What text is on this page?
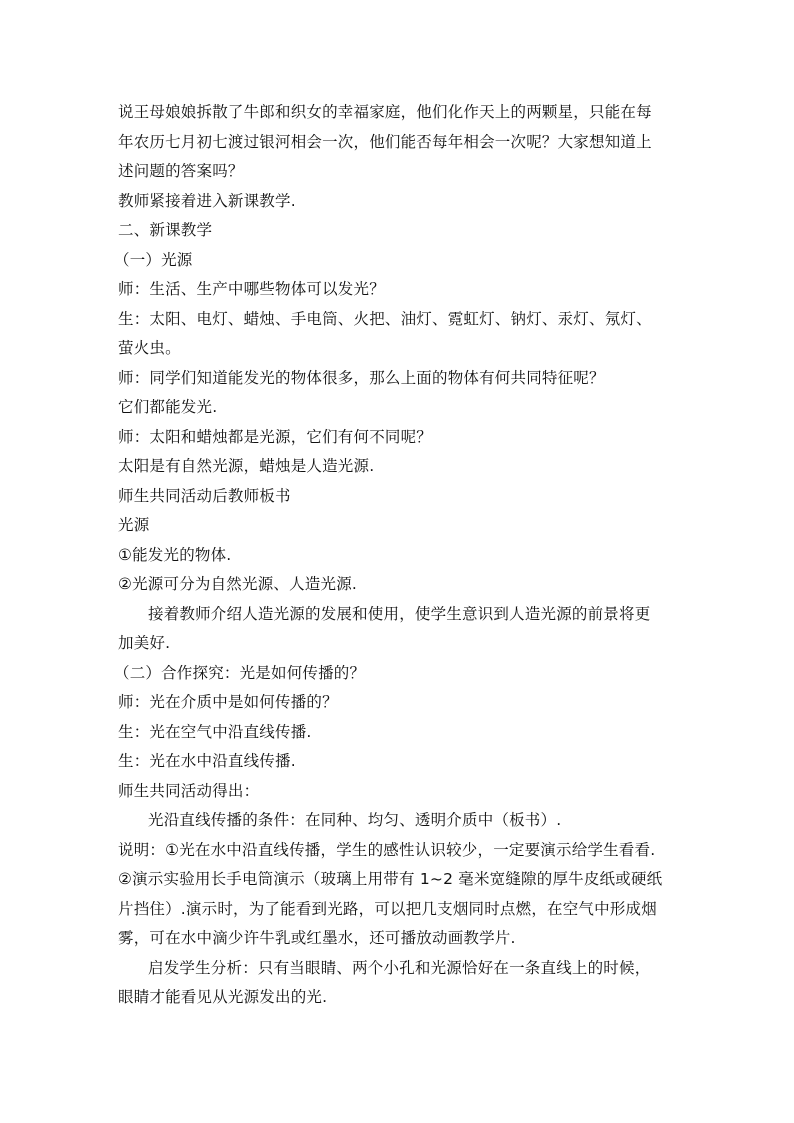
说王母娘娘拆散了牛郎和织女的幸福家庭，他们化作天上的两颗星，只能在每
年农历七月初七渡过银河相会一次，他们能否每年相会一次呢？大家想知道上
述问题的答案吗？
教师紧接着进入新课教学.
二、新课教学
（一）光源
师：生活、生产中哪些物体可以发光？
生：太阳、电灯、蜡烛、手电筒、火把、油灯、霓虹灯、钠灯、汞灯、氖灯、
萤火虫。
师：同学们知道能发光的物体很多，那么上面的物体有何共同特征呢？
它们都能发光.
师：太阳和蜡烛都是光源，它们有何不同呢？
太阳是有自然光源，蜡烛是人造光源.
师生共同活动后教师板书
光源
①能发光的物体.
②光源可分为自然光源、人造光源.
接着教师介绍人造光源的发展和使用，使学生意识到人造光源的前景将更
加美好.
（二）合作探究：光是如何传播的？
师：光在介质中是如何传播的？
生：光在空气中沿直线传播.
生：光在水中沿直线传播.
师生共同活动得出：
光沿直线传播的条件：在同种、均匀、透明介质中（板书）.
说明：①光在水中沿直线传播，学生的感性认识较少，一定要演示给学生看看.
②演示实验用长手电筒演示（玻璃上用带有 1~2 毫米宽缝隙的厚牛皮纸或硬纸
片挡住）.演示时，为了能看到光路，可以把几支烟同时点燃，在空气中形成烟
雾，可在水中滴少许牛乳或红墨水，还可播放动画教学片.
启发学生分析：只有当眼睛、两个小孔和光源恰好在一条直线上的时候，
眼睛才能看见从光源发出的光.
